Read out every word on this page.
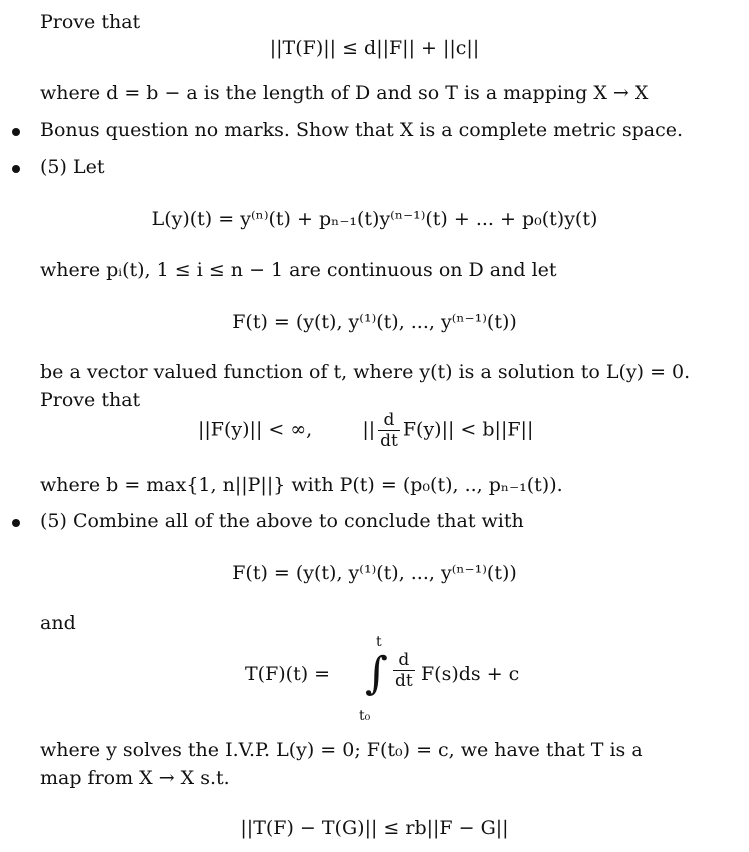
Prove that
||T(F)|| ≤ d||F|| + ||c||
where d = b − a is the length of D and so T is a mapping X → X
Bonus question no marks. Show that X is a complete metric space.
(5) Let
L(y)(t) = y⁽ⁿ⁾(t) + pₙ₋₁(t)y⁽ⁿ⁻¹⁾(t) + ... + p₀(t)y(t)
where pᵢ(t), 1 ≤ i ≤ n − 1 are continuous on D and let
F(t) = (y(t), y⁽¹⁾(t), ..., y⁽ⁿ⁻¹⁾(t))
be a vector valued function of t, where y(t) is a solution to L(y) = 0.
Prove that
||F(y)|| < ∞,	|| $\frac{d}{dt} F(y)|| < b||F||$
where b = max{1, n||P||} with P(t) = (p₀(t), .., pₙ₋₁(t)).
(5) Combine all of the above to conclude that with
F(t) = (y(t), y⁽¹⁾(t), ..., y⁽ⁿ⁻¹⁾(t))
and
T(F)(t) =
t
∫
t₀
$\frac{d}{dt} F(s)ds + c$
where y solves the I.V.P. L(y) = 0; F(t₀) = c, we have that T is a
map from X → X s.t.
||T(F) − T(G)|| ≤ rb||F − G||
